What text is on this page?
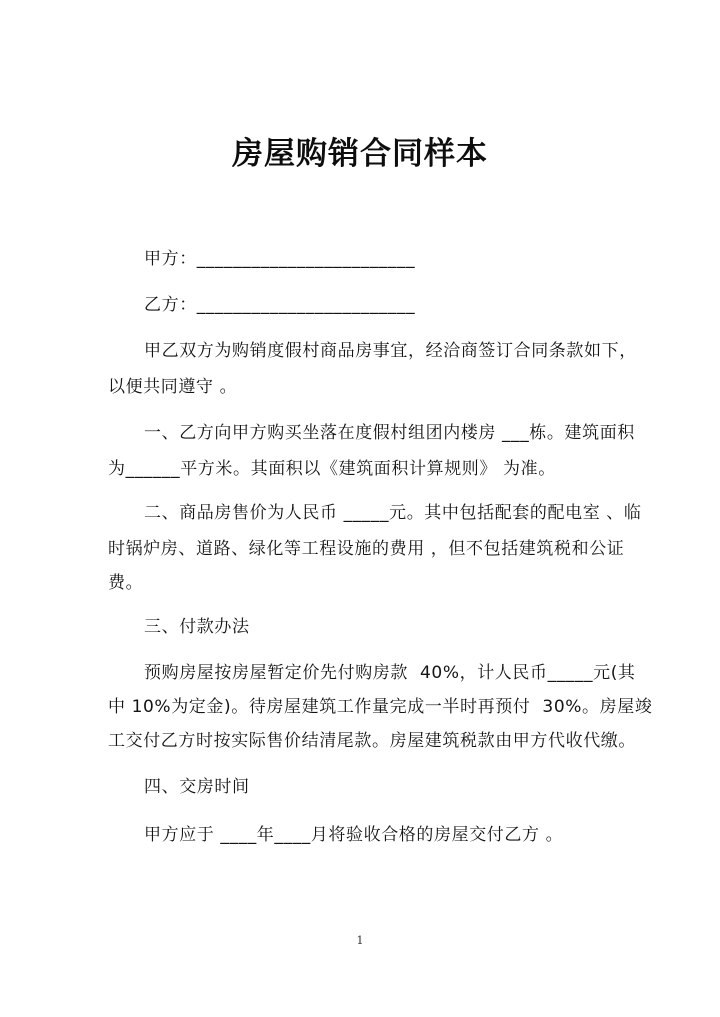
房屋购销合同样本
甲方：________________________
乙方：________________________
甲乙双方为购销度假村商品房事宜，经洽商签订合同条款如下，
以便共同遵守 。
一、乙方向甲方购买坐落在度假村组团内楼房 ___栋。建筑面积
为______平方米。其面积以《建筑面积计算规则》 为准。
二、商品房售价为人民币 _____元。其中包括配套的配电室 、临
时锅炉房、道路、绿化等工程设施的费用 ，但不包括建筑税和公证
费。
三、付款办法
预购房屋按房屋暂定价先付购房款  40%，计人民币_____元(其
中 10%为定金)。待房屋建筑工作量完成一半时再预付  30%。房屋竣
工交付乙方时按实际售价结清尾款。房屋建筑税款由甲方代收代缴。
四、交房时间
甲方应于 ____年____月将验收合格的房屋交付乙方 。
1
